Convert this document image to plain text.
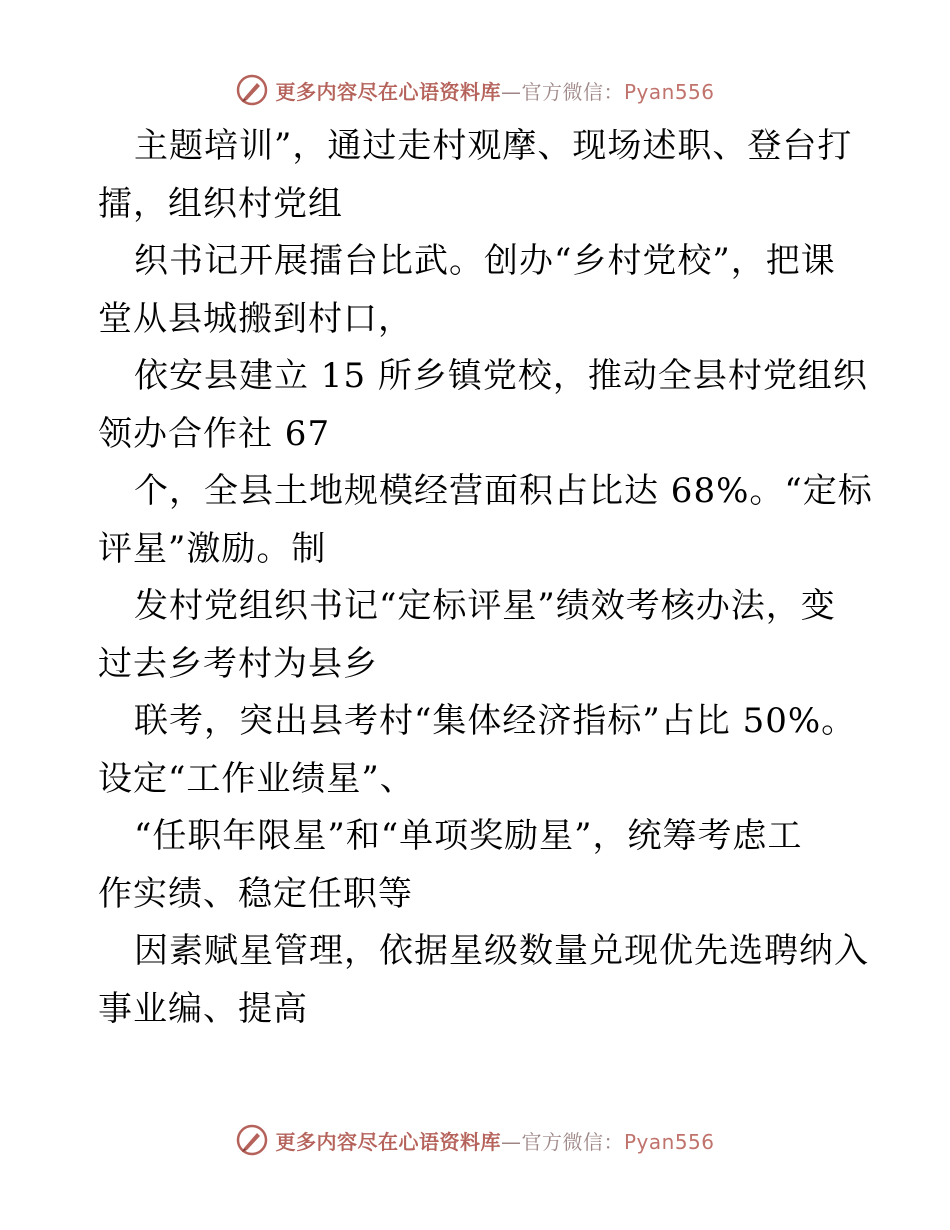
更多内容尽在心语资料库—官方微信：Pyan556
主题培训”，通过走村观摩、现场述职、登台打
擂，组织村党组
织书记开展擂台比武。创办“乡村党校”，把课
堂从县城搬到村口，
依安县建立 15 所乡镇党校，推动全县村党组织
领办合作社 67
个，全县土地规模经营面积占比达 68%。“定标
评星”激励。制
发村党组织书记“定标评星”绩效考核办法，变
过去乡考村为县乡
联考，突出县考村“集体经济指标”占比 50%。
设定“工作业绩星”、
“任职年限星”和“单项奖励星”，统筹考虑工
作实绩、稳定任职等
因素赋星管理，依据星级数量兑现优先选聘纳入
事业编、提高
更多内容尽在心语资料库—官方微信：Pyan556
